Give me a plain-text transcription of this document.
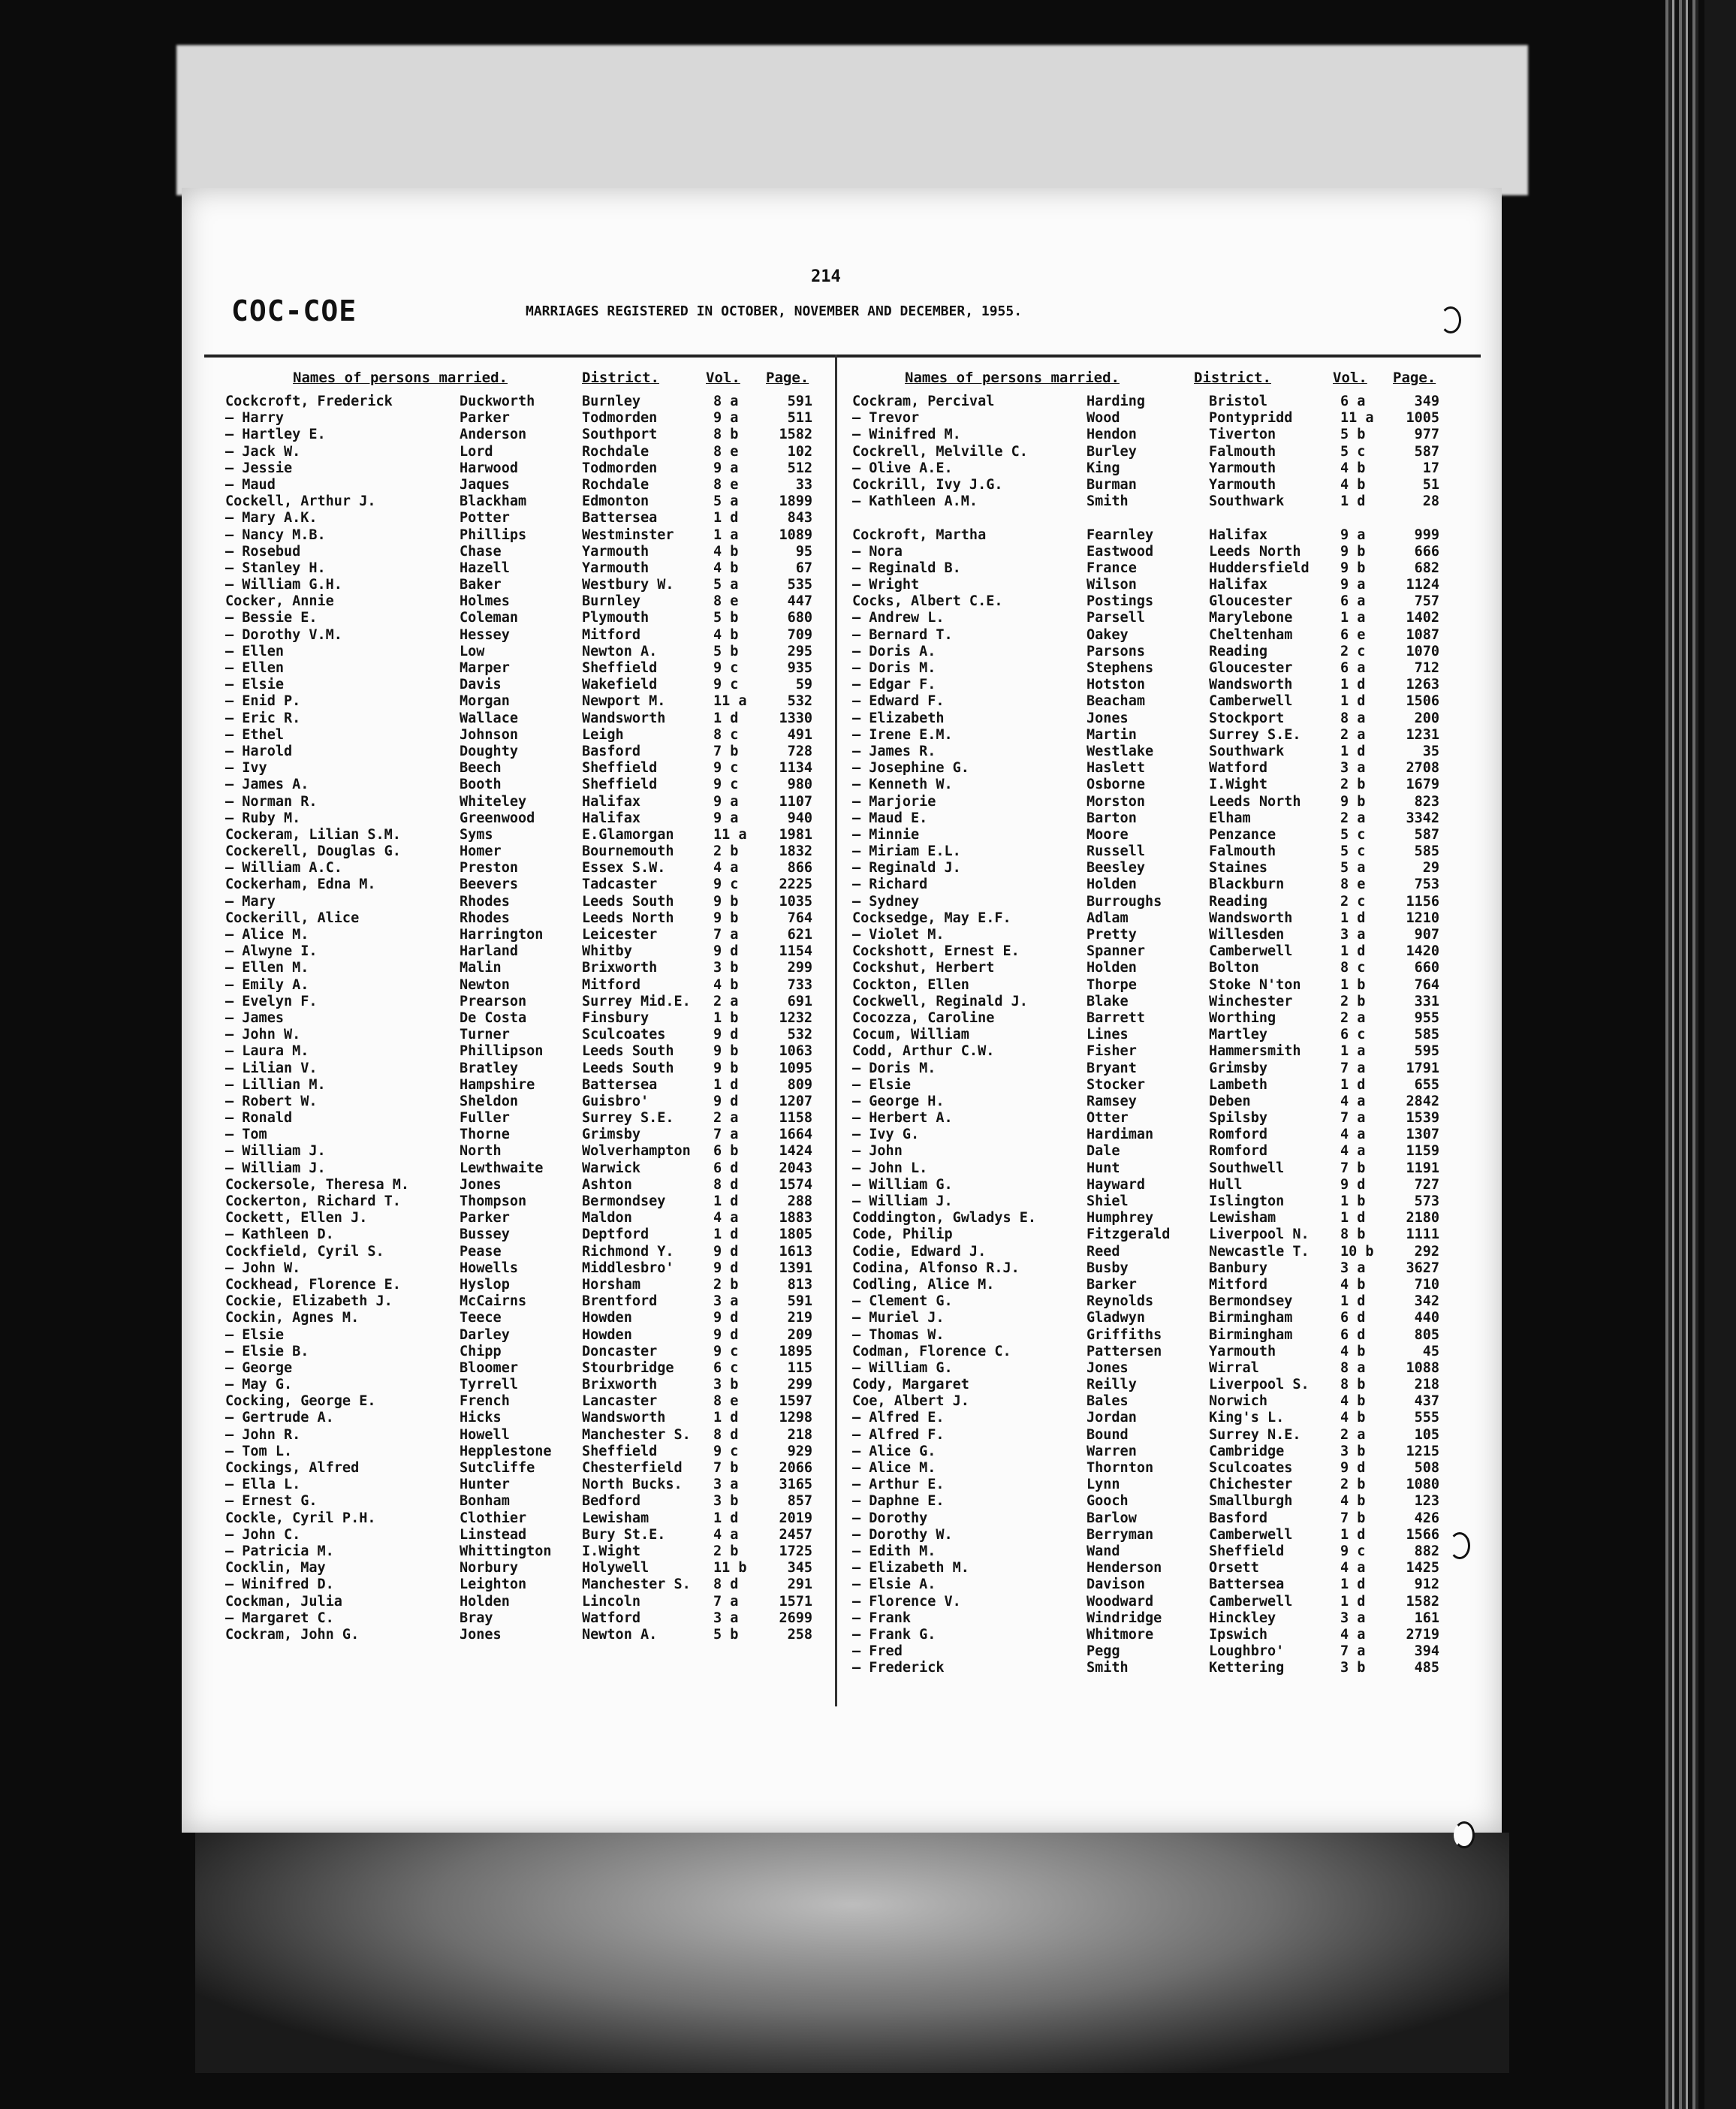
214
COC-COE	MARRIAGES REGISTERED IN OCTOBER, NOVEMBER AND DECEMBER, 1955.
Names of persons married.	District.	Vol. Page.
Cockcroft, Frederick	Duckworth	Burnley	8 a	591
— Harry	Parker	Todmorden	9 a	511
— Hartley E.	Anderson	Southport	8 b	1582
— Jack W.	Lord	Rochdale	8 e	102
— Jessie	Harwood	Todmorden	9 a	512
— Maud	Jaques	Rochdale	8 e	33
Cockell, Arthur J.	Blackham	Edmonton	5 a	1899
— Mary A.K.	Potter	Battersea	1 d	843
— Nancy M.B.	Phillips	Westminster	1 a	1089
— Rosebud	Chase	Yarmouth	4 b	95
— Stanley H.	Hazell	Yarmouth	4 b	67
— William G.H.	Baker	Westbury W.	5 a	535
Cocker, Annie	Holmes	Burnley	8 e	447
— Bessie E.	Coleman	Plymouth	5 b	680
— Dorothy V.M.	Hessey	Mitford	4 b	709
— Ellen	Low	Newton A.	5 b	295
— Ellen	Marper	Sheffield	9 c	935
— Elsie	Davis	Wakefield	9 c	59
— Enid P.	Morgan	Newport M.	11 a	532
— Eric R.	Wallace	Wandsworth	1 d	1330
— Ethel	Johnson	Leigh	8 c	491
— Harold	Doughty	Basford	7 b	728
— Ivy	Beech	Sheffield	9 c	1134
— James A.	Booth	Sheffield	9 c	980
— Norman R.	Whiteley	Halifax	9 a	1107
— Ruby M.	Greenwood	Halifax	9 a	940
Cockeram, Lilian S.M.	Syms	E.Glamorgan	11 a	1981
Cockerell, Douglas G.	Homer	Bournemouth	2 b	1832
— William A.C.	Preston	Essex S.W.	4 a	866
Cockerham, Edna M.	Beevers	Tadcaster	9 c	2225
— Mary	Rhodes	Leeds South	9 b	1035
Cockerill, Alice	Rhodes	Leeds North	9 b	764
— Alice M.	Harrington	Leicester	7 a	621
— Alwyne I.	Harland	Whitby	9 d	1154
— Ellen M.	Malin	Brixworth	3 b	299
— Emily A.	Newton	Mitford	4 b	733
— Evelyn F.	Prearson	Surrey Mid.E.	2 a	691
— James	De Costa	Finsbury	1 b	1232
— John W.	Turner	Sculcoates	9 d	532
— Laura M.	Phillipson	Leeds South	9 b	1063
— Lilian V.	Bratley	Leeds South	9 b	1095
— Lillian M.	Hampshire	Battersea	1 d	809
— Robert W.	Sheldon	Guisbro'	9 d	1207
— Ronald	Fuller	Surrey S.E.	2 a	1158
— Tom	Thorne	Grimsby	7 a	1664
— William J.	North	Wolverhampton	6 b	1424
— William J.	Lewthwaite	Warwick	6 d	2043
Cockersole, Theresa M.	Jones	Ashton	8 d	1574
Cockerton, Richard T.	Thompson	Bermondsey	1 d	288
Cockett, Ellen J.	Parker	Maldon	4 a	1883
— Kathleen D.	Bussey	Deptford	1 d	1805
Cockfield, Cyril S.	Pease	Richmond Y.	9 d	1613
— John W.	Howells	Middlesbro'	9 d	1391
Cockhead, Florence E.	Hyslop	Horsham	2 b	813
Cockie, Elizabeth J.	McCairns	Brentford	3 a	591
Cockin, Agnes M.	Teece	Howden	9 d	219
— Elsie	Darley	Howden	9 d	209
— Elsie B.	Chipp	Doncaster	9 c	1895
— George	Bloomer	Stourbridge	6 c	115
— May G.	Tyrrell	Brixworth	3 b	299
Cocking, George E.	French	Lancaster	8 e	1597
— Gertrude A.	Hicks	Wandsworth	1 d	1298
— John R.	Howell	Manchester S.	8 d	218
— Tom L.	Hepplestone	Sheffield	9 c	929
Cockings, Alfred	Sutcliffe	Chesterfield	7 b	2066
— Ella L.	Hunter	North Bucks.	3 a	3165
— Ernest G.	Bonham	Bedford	3 b	857
Cockle, Cyril P.H.	Clothier	Lewisham	1 d	2019
— John C.	Linstead	Bury St.E.	4 a	2457
— Patricia M.	Whittington	I.Wight	2 b	1725
Cocklin, May	Norbury	Holywell	11 b	345
— Winifred D.	Leighton	Manchester S.	8 d	291
Cockman, Julia	Holden	Lincoln	7 a	1571
— Margaret C.	Bray	Watford	3 a	2699
Cockram, John G.	Jones	Newton A.	5 b	258
Names of persons married.	District.	Vol. Page.
Cockram, Percival	Harding	Bristol	6 a	349
— Trevor	Wood	Pontypridd	11 a	1005
— Winifred M.	Hendon	Tiverton	5 b	977
Cockrell, Melville C.	Burley	Falmouth	5 c	587
— Olive A.E.	King	Yarmouth	4 b	17
Cockrill, Ivy J.G.	Burman	Yarmouth	4 b	51
— Kathleen A.M.	Smith	Southwark	1 d	28
Cockroft, Martha	Fearnley	Halifax	9 a	999
— Nora	Eastwood	Leeds North	9 b	666
— Reginald B.	France	Huddersfield	9 b	682
— Wright	Wilson	Halifax	9 a	1124
Cocks, Albert C.E.	Postings	Gloucester	6 a	757
— Andrew L.	Parsell	Marylebone	1 a	1402
— Bernard T.	Oakey	Cheltenham	6 e	1087
— Doris A.	Parsons	Reading	2 c	1070
— Doris M.	Stephens	Gloucester	6 a	712
— Edgar F.	Hotston	Wandsworth	1 d	1263
— Edward F.	Beacham	Camberwell	1 d	1506
— Elizabeth	Jones	Stockport	8 a	200
— Irene E.M.	Martin	Surrey S.E.	2 a	1231
— James R.	Westlake	Southwark	1 d	35
— Josephine G.	Haslett	Watford	3 a	2708
— Kenneth W.	Osborne	I.Wight	2 b	1679
— Marjorie	Morston	Leeds North	9 b	823
— Maud E.	Barton	Elham	2 a	3342
— Minnie	Moore	Penzance	5 c	587
— Miriam E.L.	Russell	Falmouth	5 c	585
— Reginald J.	Beesley	Staines	5 a	29
— Richard	Holden	Blackburn	8 e	753
— Sydney	Burroughs	Reading	2 c	1156
Cocksedge, May E.F.	Adlam	Wandsworth	1 d	1210
— Violet M.	Pretty	Willesden	3 a	907
Cockshott, Ernest E.	Spanner	Camberwell	1 d	1420
Cockshut, Herbert	Holden	Bolton	8 c	660
Cockton, Ellen	Thorpe	Stoke N'ton	1 b	764
Cockwell, Reginald J.	Blake	Winchester	2 b	331
Cocozza, Caroline	Barrett	Worthing	2 a	955
Cocum, William	Lines	Martley	6 c	585
Codd, Arthur C.W.	Fisher	Hammersmith	1 a	595
— Doris M.	Bryant	Grimsby	7 a	1791
— Elsie	Stocker	Lambeth	1 d	655
— George H.	Ramsey	Deben	4 a	2842
— Herbert A.	Otter	Spilsby	7 a	1539
— Ivy G.	Hardiman	Romford	4 a	1307
— John	Dale	Romford	4 a	1159
— John L.	Hunt	Southwell	7 b	1191
— William G.	Hayward	Hull	9 d	727
— William J.	Shiel	Islington	1 b	573
Coddington, Gwladys E.	Humphrey	Lewisham	1 d	2180
Code, Philip	Fitzgerald	Liverpool N.	8 b	1111
Codie, Edward J.	Reed	Newcastle T.	10 b	292
Codina, Alfonso R.J.	Busby	Banbury	3 a	3627
Codling, Alice M.	Barker	Mitford	4 b	710
— Clement G.	Reynolds	Bermondsey	1 d	342
— Muriel J.	Gladwyn	Birmingham	6 d	440
— Thomas W.	Griffiths	Birmingham	6 d	805
Codman, Florence C.	Pattersen	Yarmouth	4 b	45
— William G.	Jones	Wirral	8 a	1088
Cody, Margaret	Reilly	Liverpool S.	8 b	218
Coe, Albert J.	Bales	Norwich	4 b	437
— Alfred E.	Jordan	King's L.	4 b	555
— Alfred F.	Bound	Surrey N.E.	2 a	105
— Alice G.	Warren	Cambridge	3 b	1215
— Alice M.	Thornton	Sculcoates	9 d	508
— Arthur E.	Lynn	Chichester	2 b	1080
— Daphne E.	Gooch	Smallburgh	4 b	123
— Dorothy	Barlow	Basford	7 b	426
— Dorothy W.	Berryman	Camberwell	1 d	1566
— Edith M.	Wand	Sheffield	9 c	882
— Elizabeth M.	Henderson	Orsett	4 a	1425
— Elsie A.	Davison	Battersea	1 d	912
— Florence V.	Woodward	Camberwell	1 d	1582
— Frank	Windridge	Hinckley	3 a	161
— Frank G.	Whitmore	Ipswich	4 a	2719
— Fred	Pegg	Loughbro'	7 a	394
— Frederick	Smith	Kettering	3 b	485
